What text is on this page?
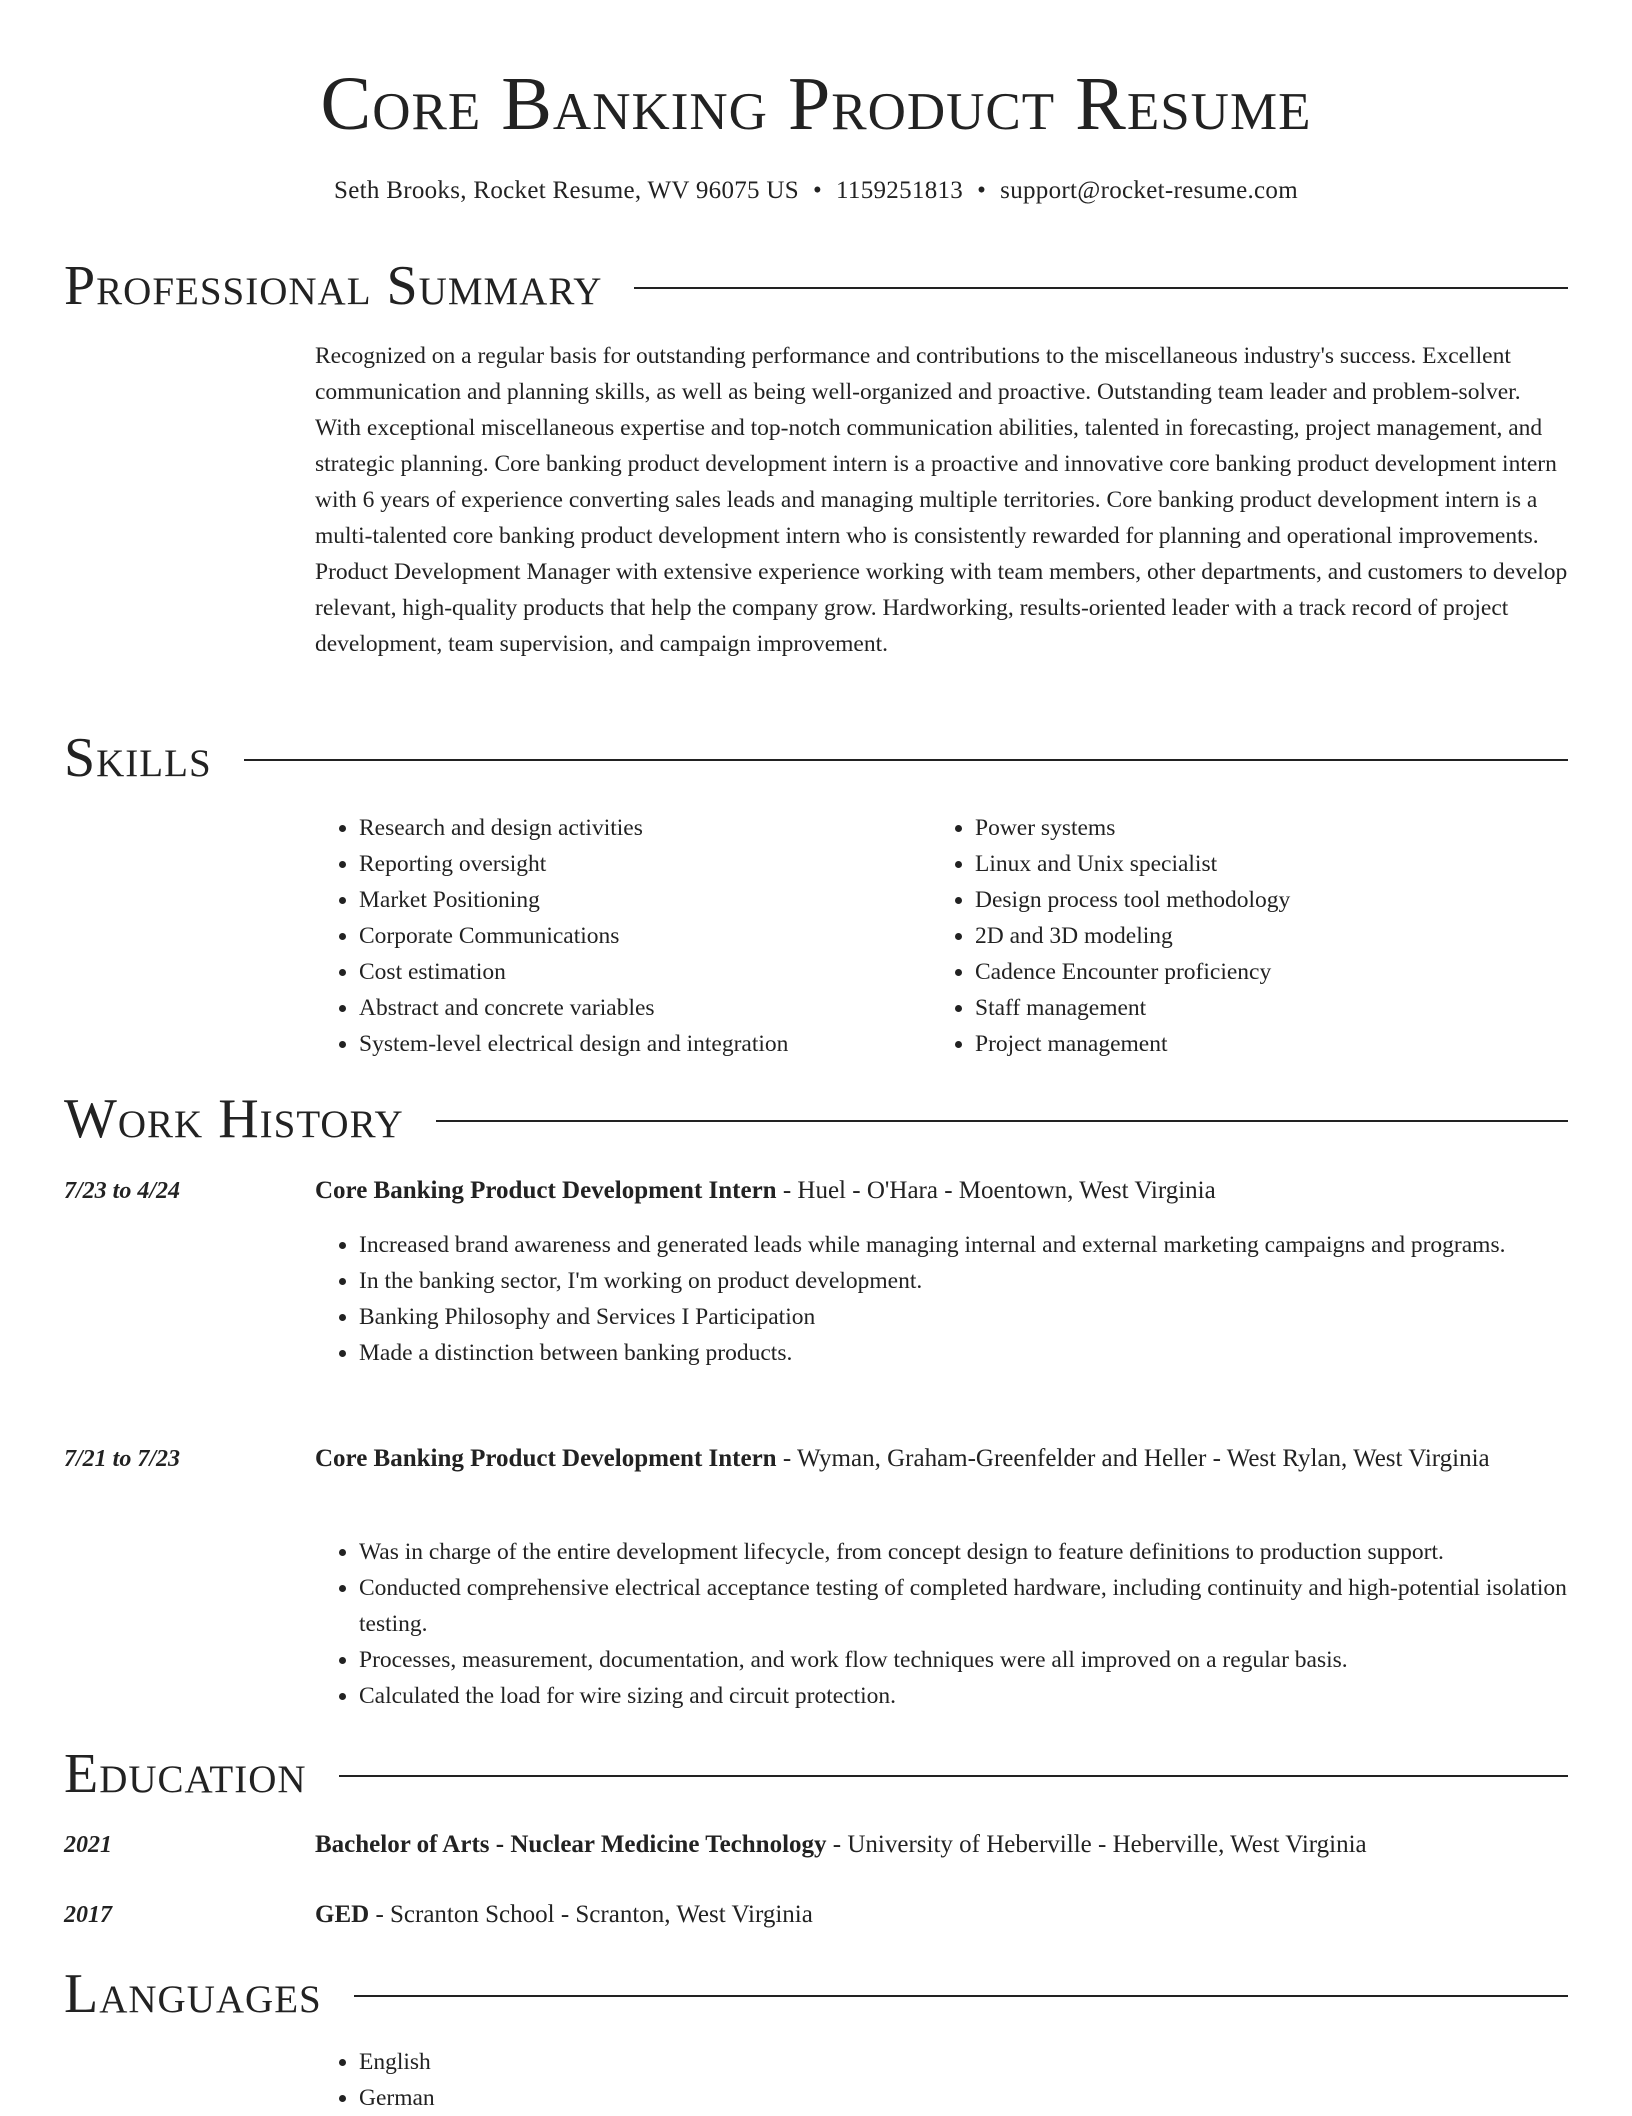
Core Banking Product Resume
Seth Brooks, Rocket Resume, WV 96075 US • 1159251813 • support@rocket-resume.com
Professional Summary
Recognized on a regular basis for outstanding performance and contributions to the miscellaneous industry's success. Excellent communication and planning skills, as well as being well-organized and proactive. Outstanding team leader and problem-solver. With exceptional miscellaneous expertise and top-notch communication abilities, talented in forecasting, project management, and strategic planning. Core banking product development intern is a proactive and innovative core banking product development intern with 6 years of experience converting sales leads and managing multiple territories. Core banking product development intern is a multi-talented core banking product development intern who is consistently rewarded for planning and operational improvements. Product Development Manager with extensive experience working with team members, other departments, and customers to develop relevant, high-quality products that help the company grow. Hardworking, results-oriented leader with a track record of project development, team supervision, and campaign improvement.
Skills
• Research and design activities
• Reporting oversight
• Market Positioning
• Corporate Communications
• Cost estimation
• Abstract and concrete variables
• System-level electrical design and integration
• Power systems
• Linux and Unix specialist
• Design process tool methodology
• 2D and 3D modeling
• Cadence Encounter proficiency
• Staff management
• Project management
Work History
7/23 to 4/24	Core Banking Product Development Intern - Huel - O'Hara - Moentown, West Virginia
• Increased brand awareness and generated leads while managing internal and external marketing campaigns and programs.
• In the banking sector, I'm working on product development.
• Banking Philosophy and Services I Participation
• Made a distinction between banking products.
7/21 to 7/23	Core Banking Product Development Intern - Wyman, Graham-Greenfelder and Heller - West Rylan, West Virginia
• Was in charge of the entire development lifecycle, from concept design to feature definitions to production support.
• Conducted comprehensive electrical acceptance testing of completed hardware, including continuity and high-potential isolation testing.
• Processes, measurement, documentation, and work flow techniques were all improved on a regular basis.
• Calculated the load for wire sizing and circuit protection.
Education
2021	Bachelor of Arts - Nuclear Medicine Technology - University of Heberville - Heberville, West Virginia
2017	GED - Scranton School - Scranton, West Virginia
Languages
• English
• German
